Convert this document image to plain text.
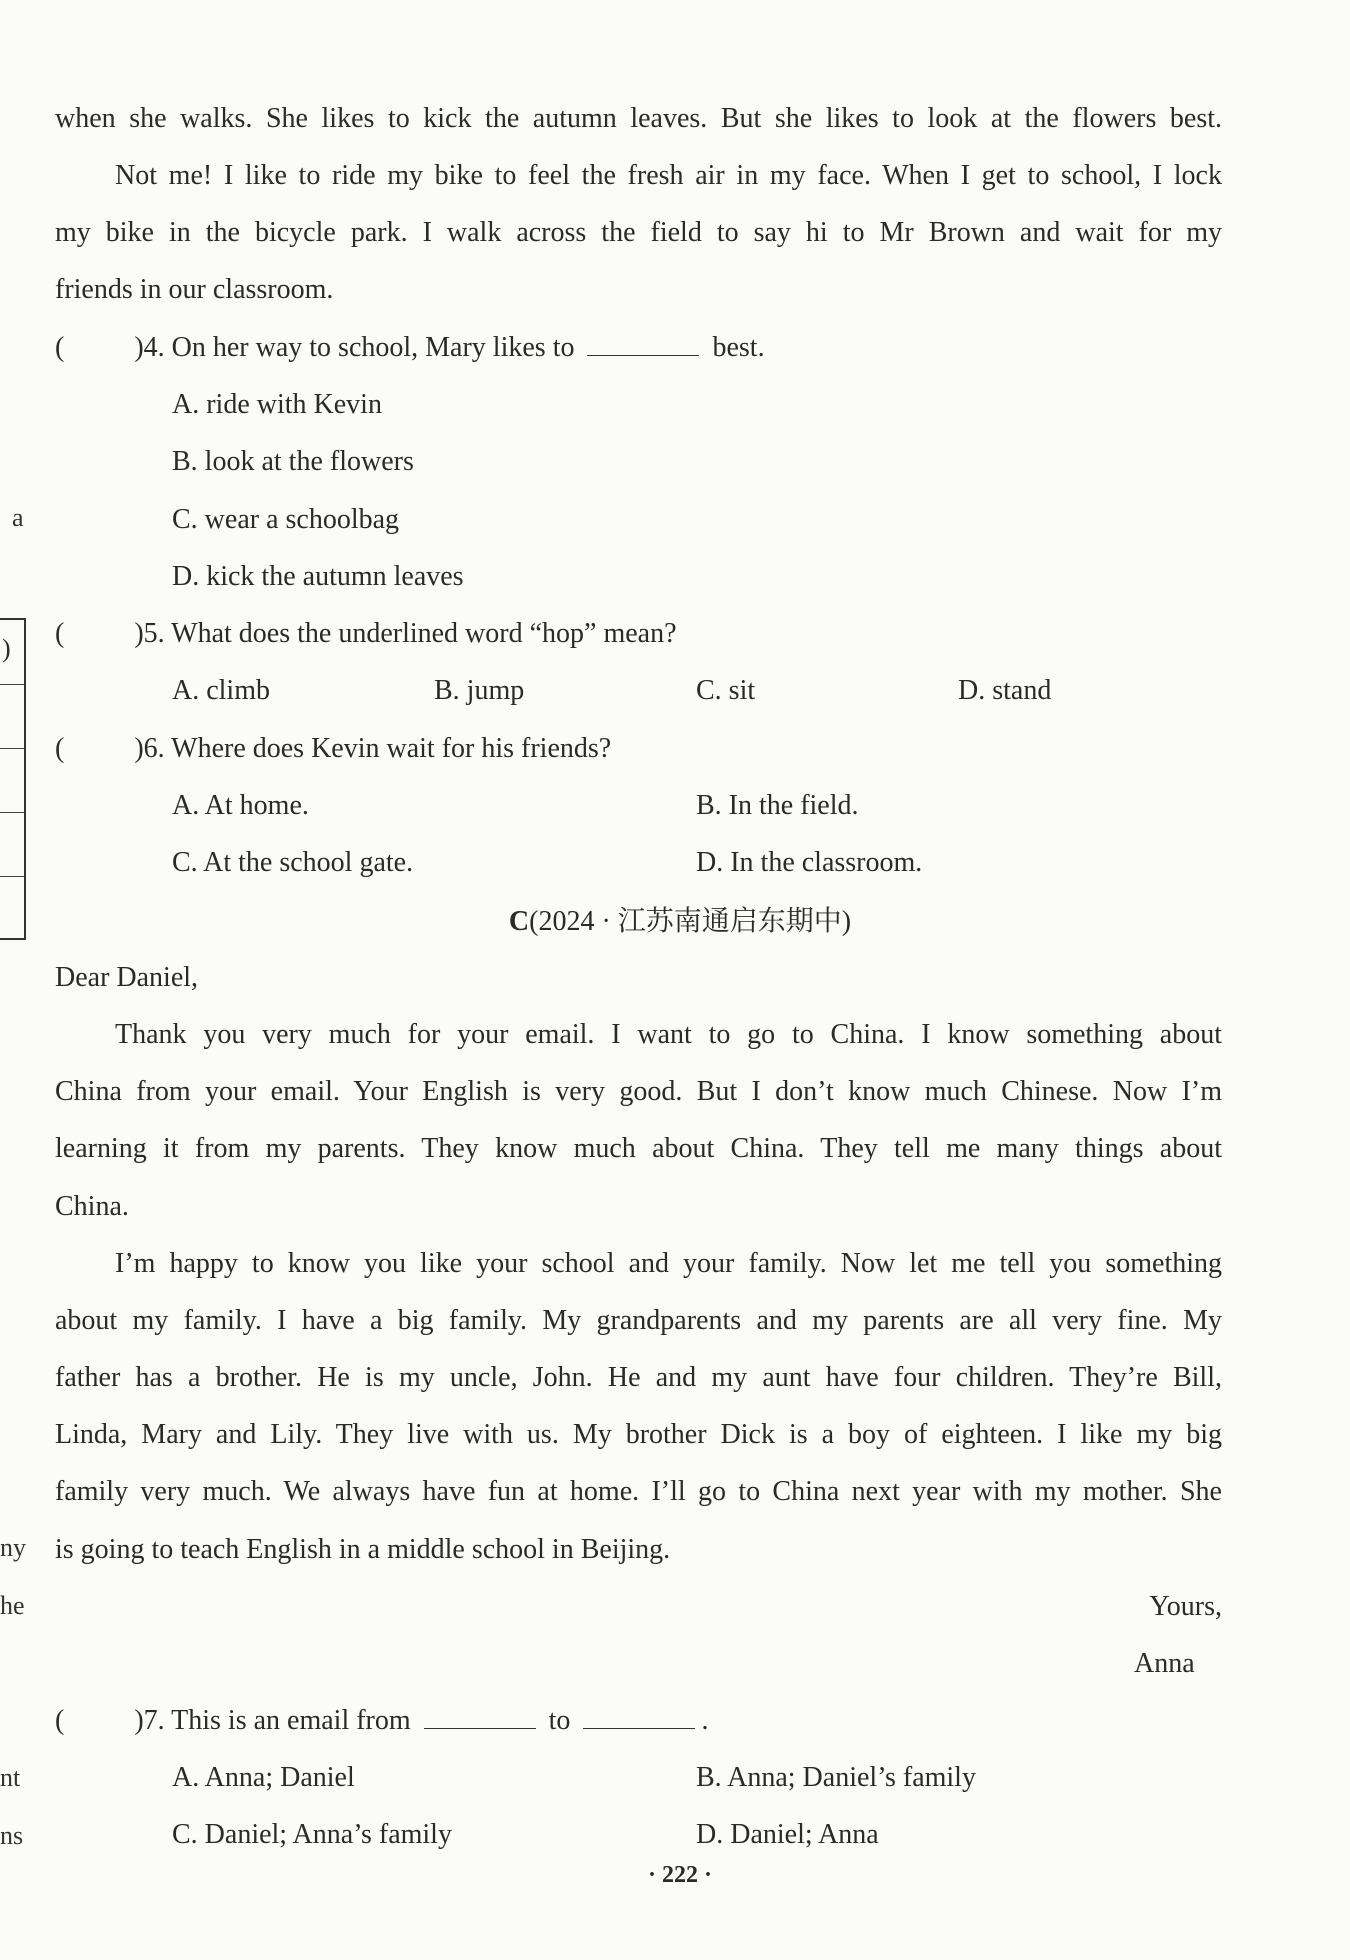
a
)
ny
he
nt
ns
when she walks. She likes to kick the autumn leaves. But she likes to look at the flowers best.
Not me! I like to ride my bike to feel the fresh air in my face. When I get to school, I lock
my bike in the bicycle park. I walk across the field to say hi to Mr Brown and wait for my
friends in our classroom.
(	)4. On her way to school, Mary likes to	best.
A. ride with Kevin
B. look at the flowers
C. wear a schoolbag
D. kick the autumn leaves
(	)5. What does the underlined word “hop” mean?
A. climb	B. jump	C. sit	D. stand
(	)6. Where does Kevin wait for his friends?
A. At home.	B. In the field.
C. At the school gate.	D. In the classroom.
C(2024 · 江苏南通启东期中)
Dear Daniel,
Thank you very much for your email. I want to go to China. I know something about
China from your email. Your English is very good. But I don’t know much Chinese. Now I’m
learning it from my parents. They know much about China. They tell me many things about
China.
I’m happy to know you like your school and your family. Now let me tell you something
about my family. I have a big family. My grandparents and my parents are all very fine. My
father has a brother. He is my uncle, John. He and my aunt have four children. They’re Bill,
Linda, Mary and Lily. They live with us. My brother Dick is a boy of eighteen. I like my big
family very much. We always have fun at home. I’ll go to China next year with my mother. She
is going to teach English in a middle school in Beijing.
Yours,
Anna
(	)7. This is an email from	to	.
A. Anna; Daniel	B. Anna; Daniel’s family
C. Daniel; Anna’s family	D. Daniel; Anna
· 222 ·
